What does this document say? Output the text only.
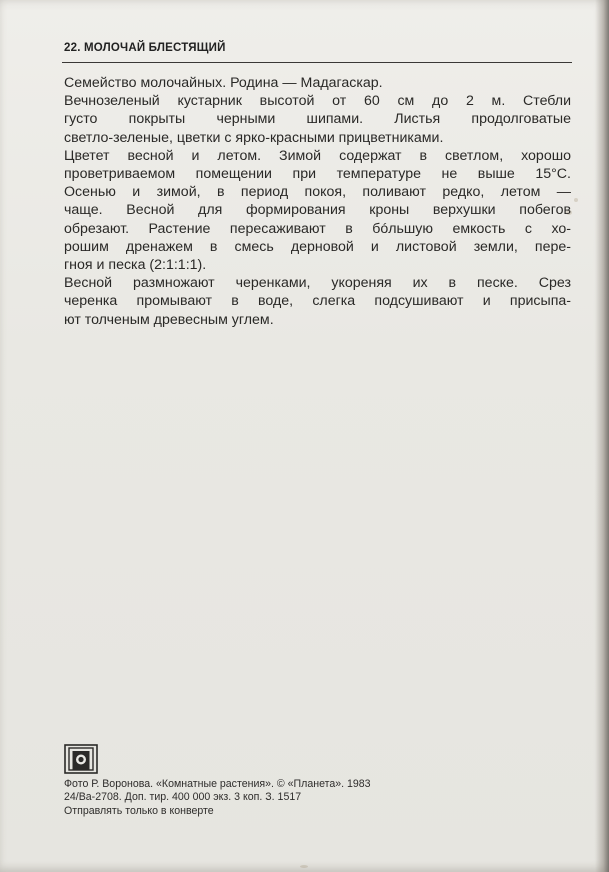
22. МОЛОЧАЙ БЛЕСТЯЩИЙ
Семейство молочайных. Родина — Мадагаскар.
Вечнозеленый кустарник высотой от 60 см до 2 м. Стебли
густо покрыты черными шипами. Листья продолговатые
светло-зеленые, цветки с ярко-красными прицветниками.
Цветет весной и летом. Зимой содержат в светлом, хорошо
проветриваемом помещении при температуре не выше 15°С.
Осенью и зимой, в период покоя, поливают редко, летом —
чаще. Весной для формирования кроны верхушки побегов
обрезают. Растение пересаживают в бóльшую емкость с хо-
рошим дренажем в смесь дерновой и листовой земли, пере-
гноя и песка (2:1:1:1).
Весной размножают черенками, укореняя их в песке. Срез
черенка промывают в воде, слегка подсушивают и присыпа-
ют толченым древесным углем.
Фото Р. Воронова. «Комнатные растения». © «Планета». 1983
24/Ва-2708. Доп. тир. 400 000 экз. 3 коп. З. 1517
Отправлять только в конверте
